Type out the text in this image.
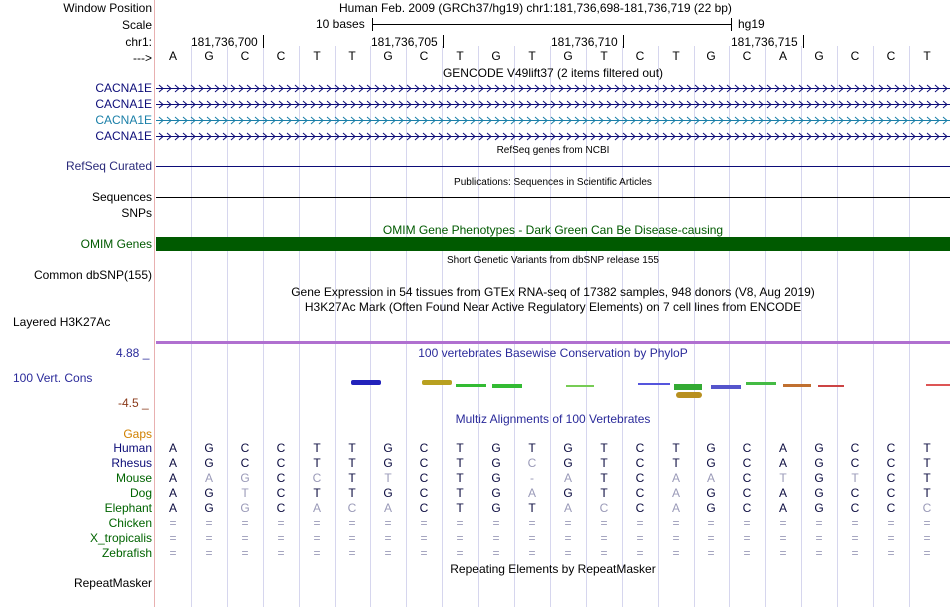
Window Position	Human Feb. 2009 (GRCh37/hg19) chr1:181,736,698-181,736,719 (22 bp)
Scale	10 bases	hg19
chr1:	181,736,700	181,736,705	181,736,710	181,736,715
--->	A	G	C	C	T	T	G	C	T	G	T	G	T	C	T	G	C	A	G	C	C	T
GENCODE V49lift37 (2 items filtered out)
CACNA1E
CACNA1E
CACNA1E
CACNA1E
RefSeq genes from NCBI
RefSeq Curated
Publications: Sequences in Scientific Articles
Sequences
SNPs
OMIM Gene Phenotypes - Dark Green Can Be Disease-causing
OMIM Genes
Short Genetic Variants from dbSNP release 155
Common dbSNP(155)
Gene Expression in 54 tissues from GTEx RNA-seq of 17382 samples, 948 donors (V8, Aug 2019)
H3K27Ac Mark (Often Found Near Active Regulatory Elements) on 7 cell lines from ENCODE
Layered H3K27Ac
100 vertebrates Basewise Conservation by PhyloP
4.88 _
100 Vert. Cons
-4.5 _
Multiz Alignments of 100 Vertebrates
Gaps
Human	A	G	C	C	T	T	G	C	T	G	T	G	T	C	T	G	C	A	G	C	C	T
Rhesus	A	G	C	C	T	T	G	C	T	G	C	G	T	C	T	G	C	A	G	C	C	T
Mouse	A	A	G	C	C	T	T	C	T	G	-	A	T	C	A	A	C	T	G	T	C	T
Dog	A	G	T	C	T	T	G	C	T	G	A	G	T	C	A	G	C	A	G	C	C	T
Elephant	A	G	G	C	A	C	A	C	T	G	T	A	C	C	A	G	C	A	G	C	C	C
Chicken	=	=	=	=	=	=	=	=	=	=	=	=	=	=	=	=	=	=	=	=	=	=
X_tropicalis	=	=	=	=	=	=	=	=	=	=	=	=	=	=	=	=	=	=	=	=	=	=
Zebrafish	=	=	=	=	=	=	=	=	=	=	=	=	=	=	=	=	=	=	=	=	=	=
Repeating Elements by RepeatMasker
RepeatMasker
